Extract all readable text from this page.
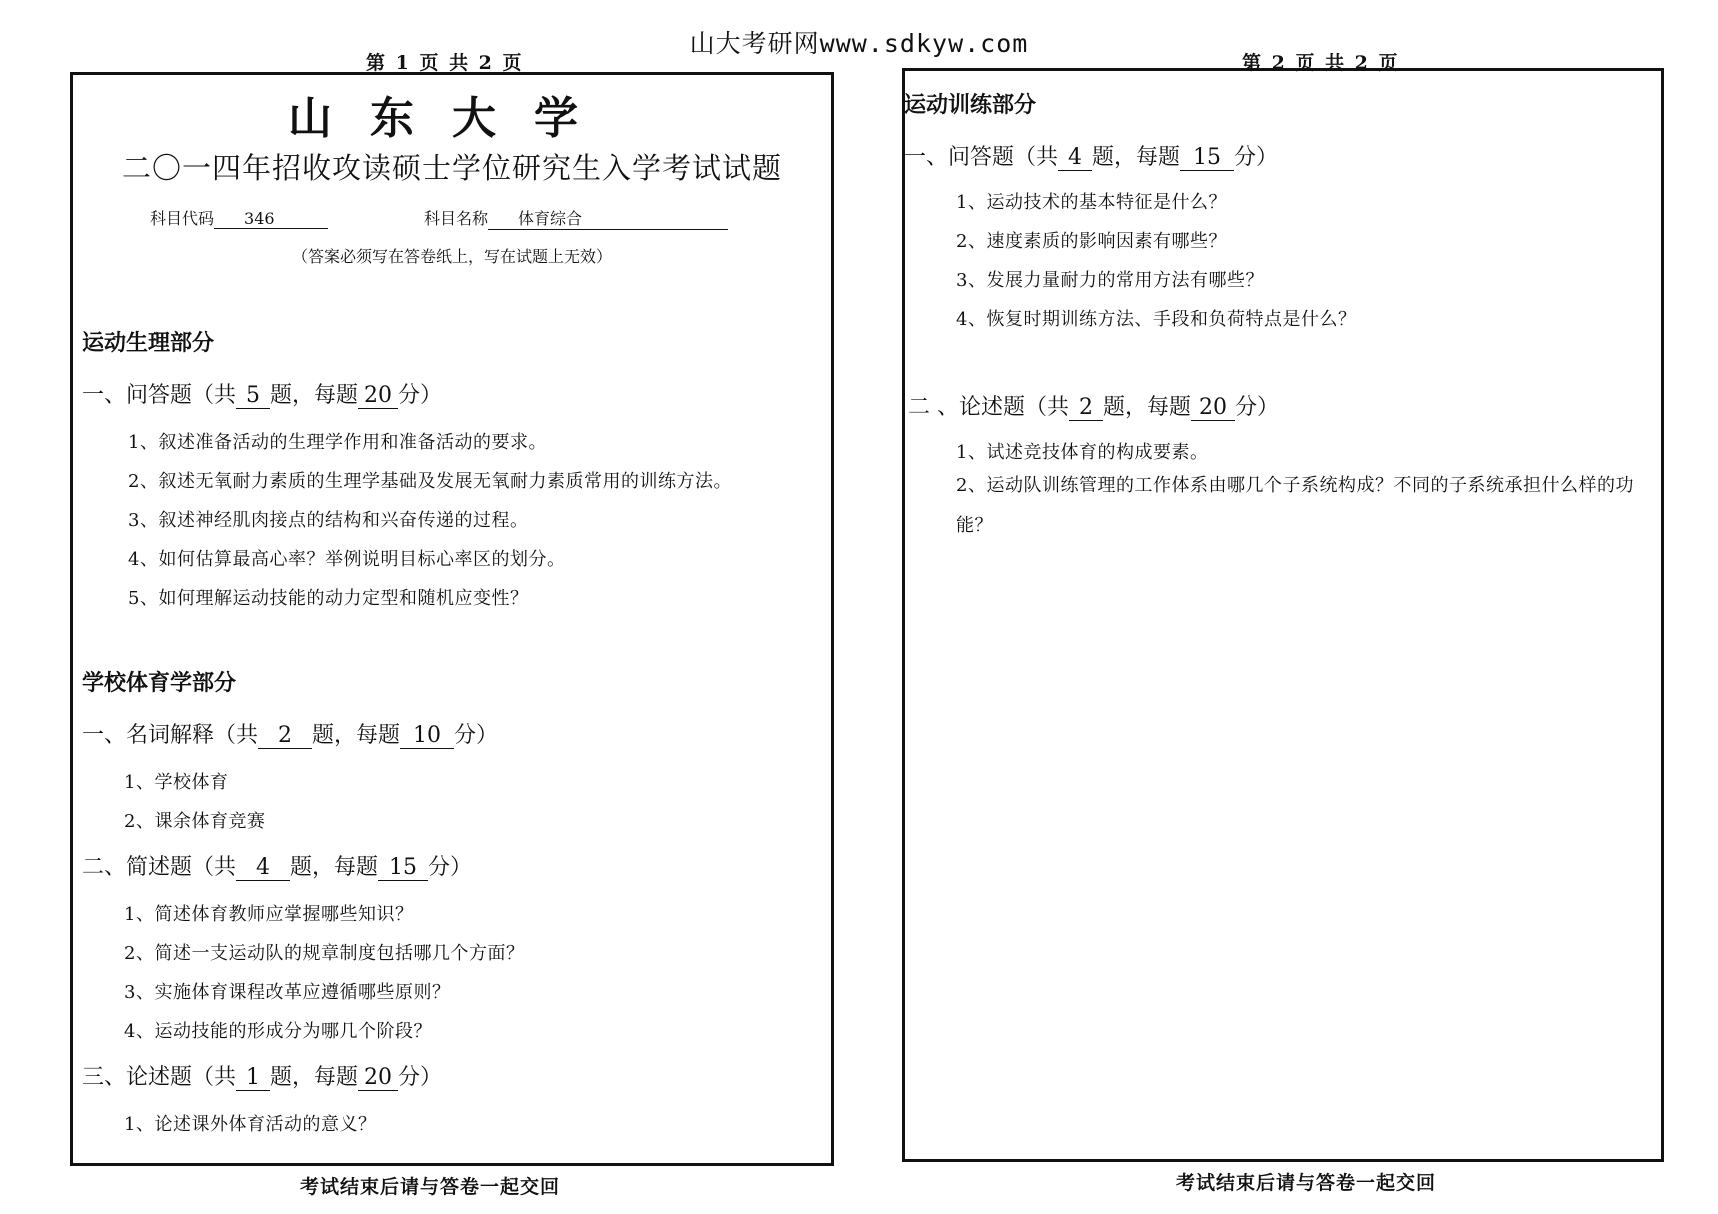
山大考研网www.sdkyw.com
第 1 页 共 2 页
山东大学
二〇一四年招收攻读硕士学位研究生入学考试试题
科目代码 346	科目名称 体育综合
（答案必须写在答卷纸上，写在试题上无效）
运动生理部分
一、问答题（共 5 题，每题 20 分）
1、叙述准备活动的生理学作用和准备活动的要求。
2、叙述无氧耐力素质的生理学基础及发展无氧耐力素质常用的训练方法。
3、叙述神经肌肉接点的结构和兴奋传递的过程。
4、如何估算最高心率？举例说明目标心率区的划分。
5、如何理解运动技能的动力定型和随机应变性？
学校体育学部分
一、名词解释（共 2 题，每题 10 分）
1、学校体育
2、课余体育竞赛
二、简述题（共 4 题，每题 15 分）
1、简述体育教师应掌握哪些知识？
2、简述一支运动队的规章制度包括哪几个方面？
3、实施体育课程改革应遵循哪些原则？
4、运动技能的形成分为哪几个阶段？
三、论述题（共 1 题，每题 20 分）
1、论述课外体育活动的意义？
考试结束后请与答卷一起交回
第 2 页 共 2 页
运动训练部分
一、问答题（共 4 题，每题 15 分）
1、运动技术的基本特征是什么？
2、速度素质的影响因素有哪些？
3、发展力量耐力的常用方法有哪些？
4、恢复时期训练方法、手段和负荷特点是什么？
二 、论述题（共 2 题，每题 20 分）
1、试述竞技体育的构成要素。
2、运动队训练管理的工作体系由哪几个子系统构成？不同的子系统承担什么样的功能？
考试结束后请与答卷一起交回
